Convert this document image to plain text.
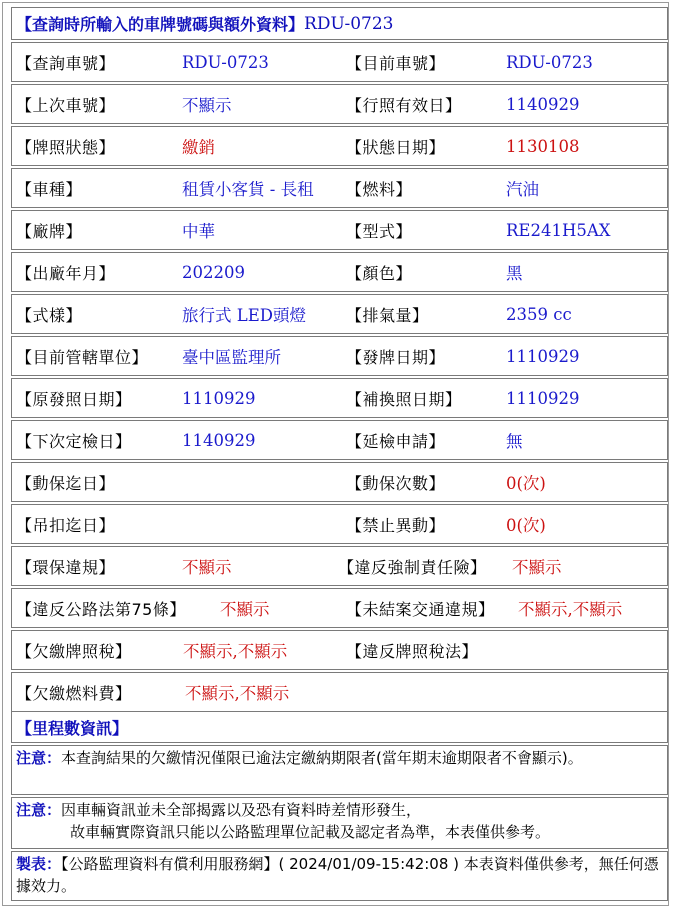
【查詢時所輸入的車牌號碼與額外資料】 RDU-0723
【查詢車號】	RDU-0723	【目前車號】	RDU-0723
【上次車號】	不顯示	【行照有效日】	1140929
【牌照狀態】	繳銷	【狀態日期】	1130108
【車種】	租賃小客貨 - 長租 【燃料】	汽油
【廠牌】	中華	【型式】	RE241H5AX
【出廠年月】	202209	【顏色】	黑
【式樣】	旅行式 LED頭燈	【排氣量】	2359 cc
【目前管轄單位】 臺中區監理所	【發牌日期】	1110929
【原發照日期】	1110929	【補換照日期】	1110929
【下次定檢日】	1140929	【延檢申請】	無
【動保迄日】	【動保次數】	0(次)
【吊扣迄日】	【禁止異動】	0(次)
【環保違規】	不顯示	【違反強制責任險】 不顯示
【違反公路法第75條】 不顯示	【未結案交通違規】 不顯示,不顯示
【欠繳牌照稅】	不顯示,不顯示	【違反牌照稅法】
【欠繳燃料費】	不顯示,不顯示
【里程數資訊】
注意：本查詢結果的欠繳情況僅限已逾法定繳納期限者(當年期末逾期限者不會顯示)。
注意：因車輛資訊並未全部揭露以及恐有資料時差情形發生，
故車輛實際資訊只能以公路監理單位記載及認定者為準，本表僅供參考。
製表：【公路監理資料有償利用服務網】( 2024/01/09-15:42:08 ) 本表資料僅供參考，無任何憑據效力。
